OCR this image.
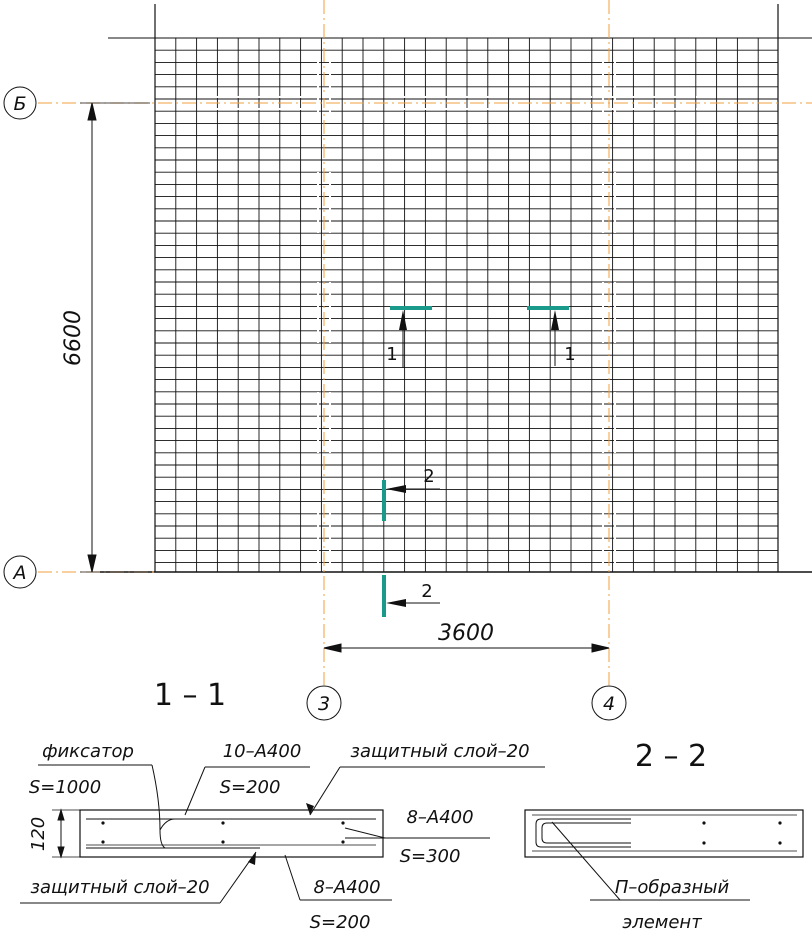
Б
А
3	4
6600
3600
1	1
2
2
1 – 1
120
фиксатор
S=1000
10–А400
S=200
защитный слой–20
8–А400
S=300
защитный слой–20	8–А400
S=200
2 – 2
П–образный
элемент
